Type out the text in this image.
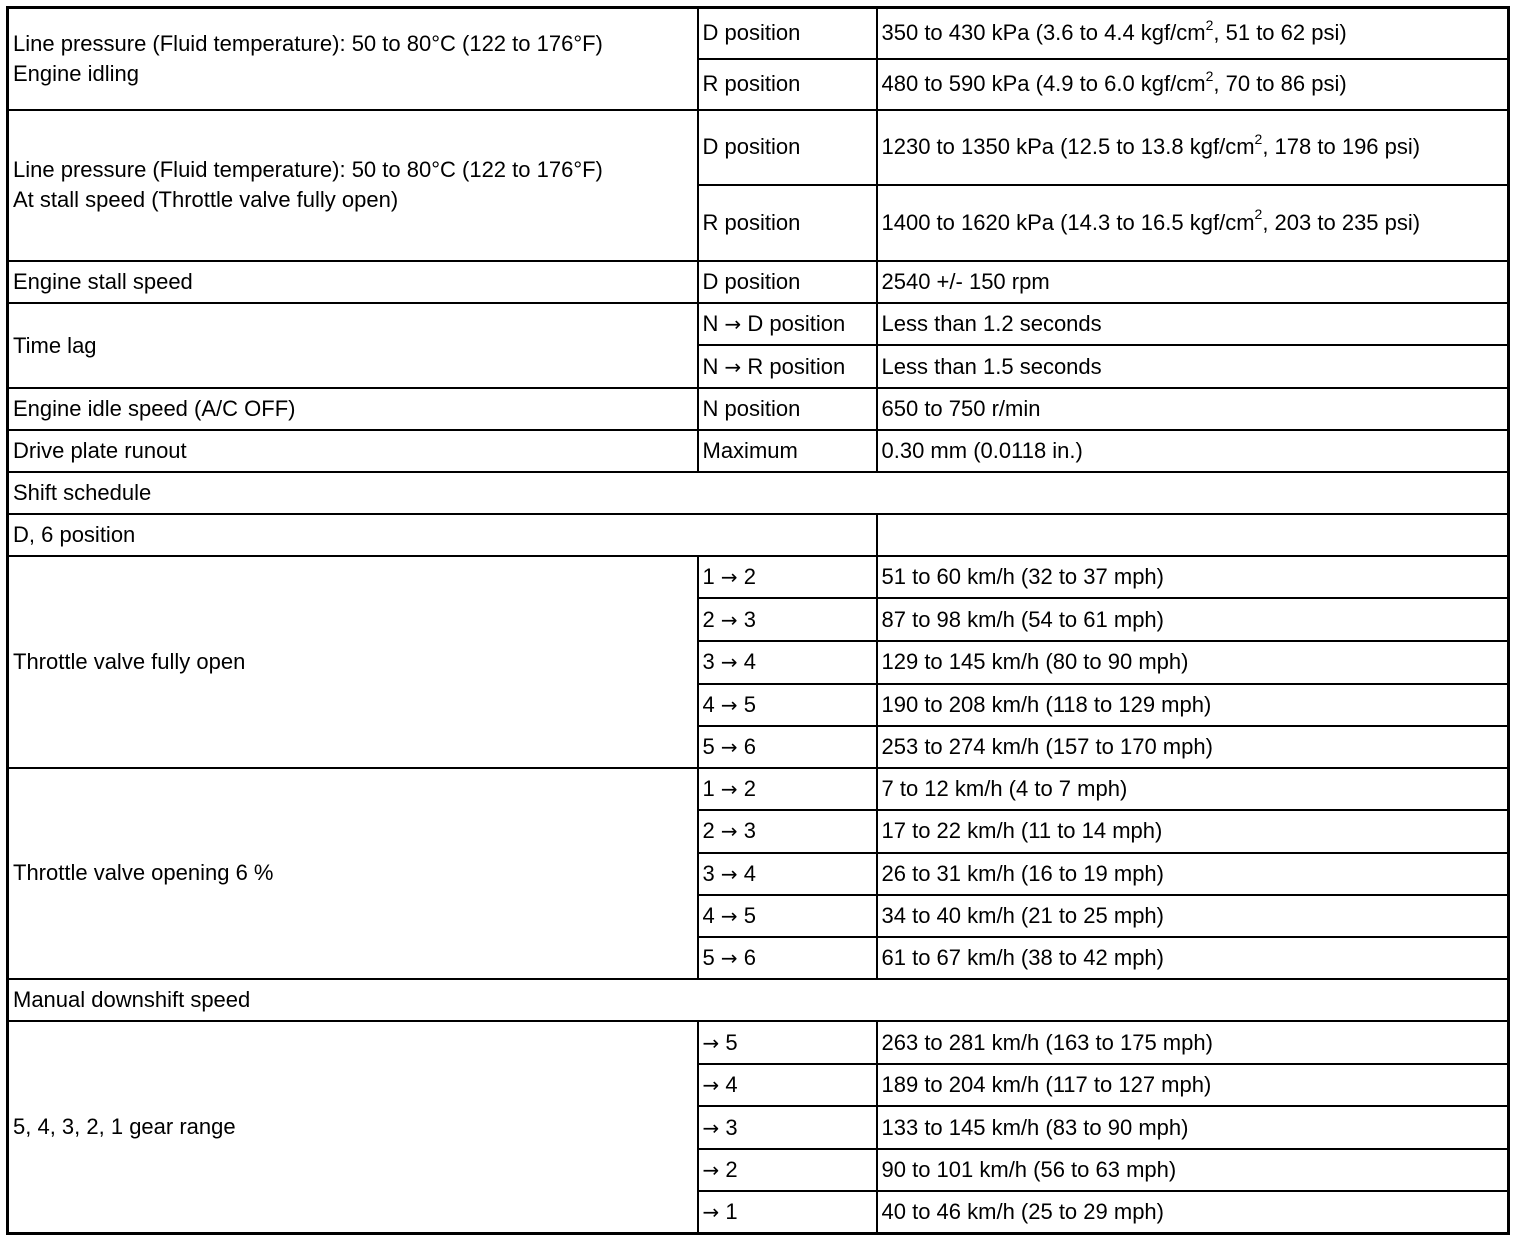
Line pressure (Fluid temperature): 50 to 80°C (122 to 176°F)
Engine idling	D position	350 to 430 kPa (3.6 to 4.4 kgf/$cm^2$, 51 to 62 psi)
	R position	480 to 590 kPa (4.9 to 6.0 kgf/$cm^2$, 70 to 86 psi)

Line pressure (Fluid temperature): 50 to 80°C (122 to 176°F)
At stall speed (Throttle valve fully open)	D position	1230 to 1350 kPa (12.5 to 13.8 kgf/$cm^2$, 178 to 196 psi)
	R position	1400 to 1620 kPa (14.3 to 16.5 kgf/$cm^2$, 203 to 235 psi)
Engine stall speed	D position	2540 +/- 150 rpm
Time lag	N → D position	Less than 1.2 seconds
	N → R position	Less than 1.5 seconds
Engine idle speed (A/C OFF)	N position	650 to 750 r/min
Drive plate runout	Maximum	0.30 mm (0.0118 in.)
Shift schedule		
D, 6 position		
Throttle valve fully open	1 → 2	51 to 60 km/h (32 to 37 mph)
	2 → 3	87 to 98 km/h (54 to 61 mph)
	3 → 4	129 to 145 km/h (80 to 90 mph)
	4 → 5	190 to 208 km/h (118 to 129 mph)
	5 → 6	253 to 274 km/h (157 to 170 mph)
Throttle valve opening 6 %	1 → 2	7 to 12 km/h (4 to 7 mph)
	2 → 3	17 to 22 km/h (11 to 14 mph)
	3 → 4	26 to 31 km/h (16 to 19 mph)
	4 → 5	34 to 40 km/h (21 to 25 mph)
	5 → 6	61 to 67 km/h (38 to 42 mph)
Manual downshift speed		
5, 4, 3, 2, 1 gear range	→ 5	263 to 281 km/h (163 to 175 mph)
	→ 4	189 to 204 km/h (117 to 127 mph)
	→ 3	133 to 145 km/h (83 to 90 mph)
	→ 2	90 to 101 km/h (56 to 63 mph)
	→ 1	40 to 46 km/h (25 to 29 mph)
